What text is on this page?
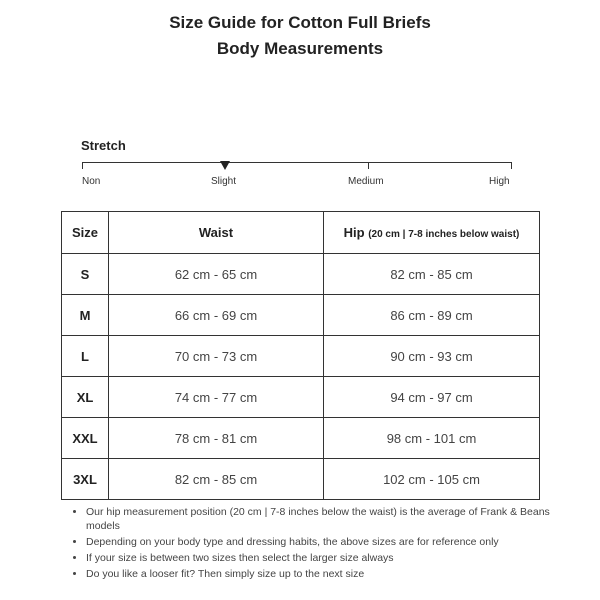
Size Guide for Cotton Full Briefs
Body Measurements
Stretch
Non	Slight	Medium	High
Size	Waist	Hip (20 cm | 7-8 inches below waist)
S	62 cm - 65 cm	82 cm - 85 cm
M	66 cm - 69 cm	86 cm - 89 cm
L	70 cm - 73 cm	90 cm - 93 cm
XL	74 cm - 77 cm	94 cm - 97 cm
XXL	78 cm - 81 cm	98 cm - 101 cm
3XL	82 cm - 85 cm	102 cm - 105 cm
• Our hip measurement position (20 cm | 7-8 inches below the waist) is the average of Frank & Beans models
• Depending on your body type and dressing habits, the above sizes are for reference only
• If your size is between two sizes then select the larger size always
• Do you like a looser fit? Then simply size up to the next size
